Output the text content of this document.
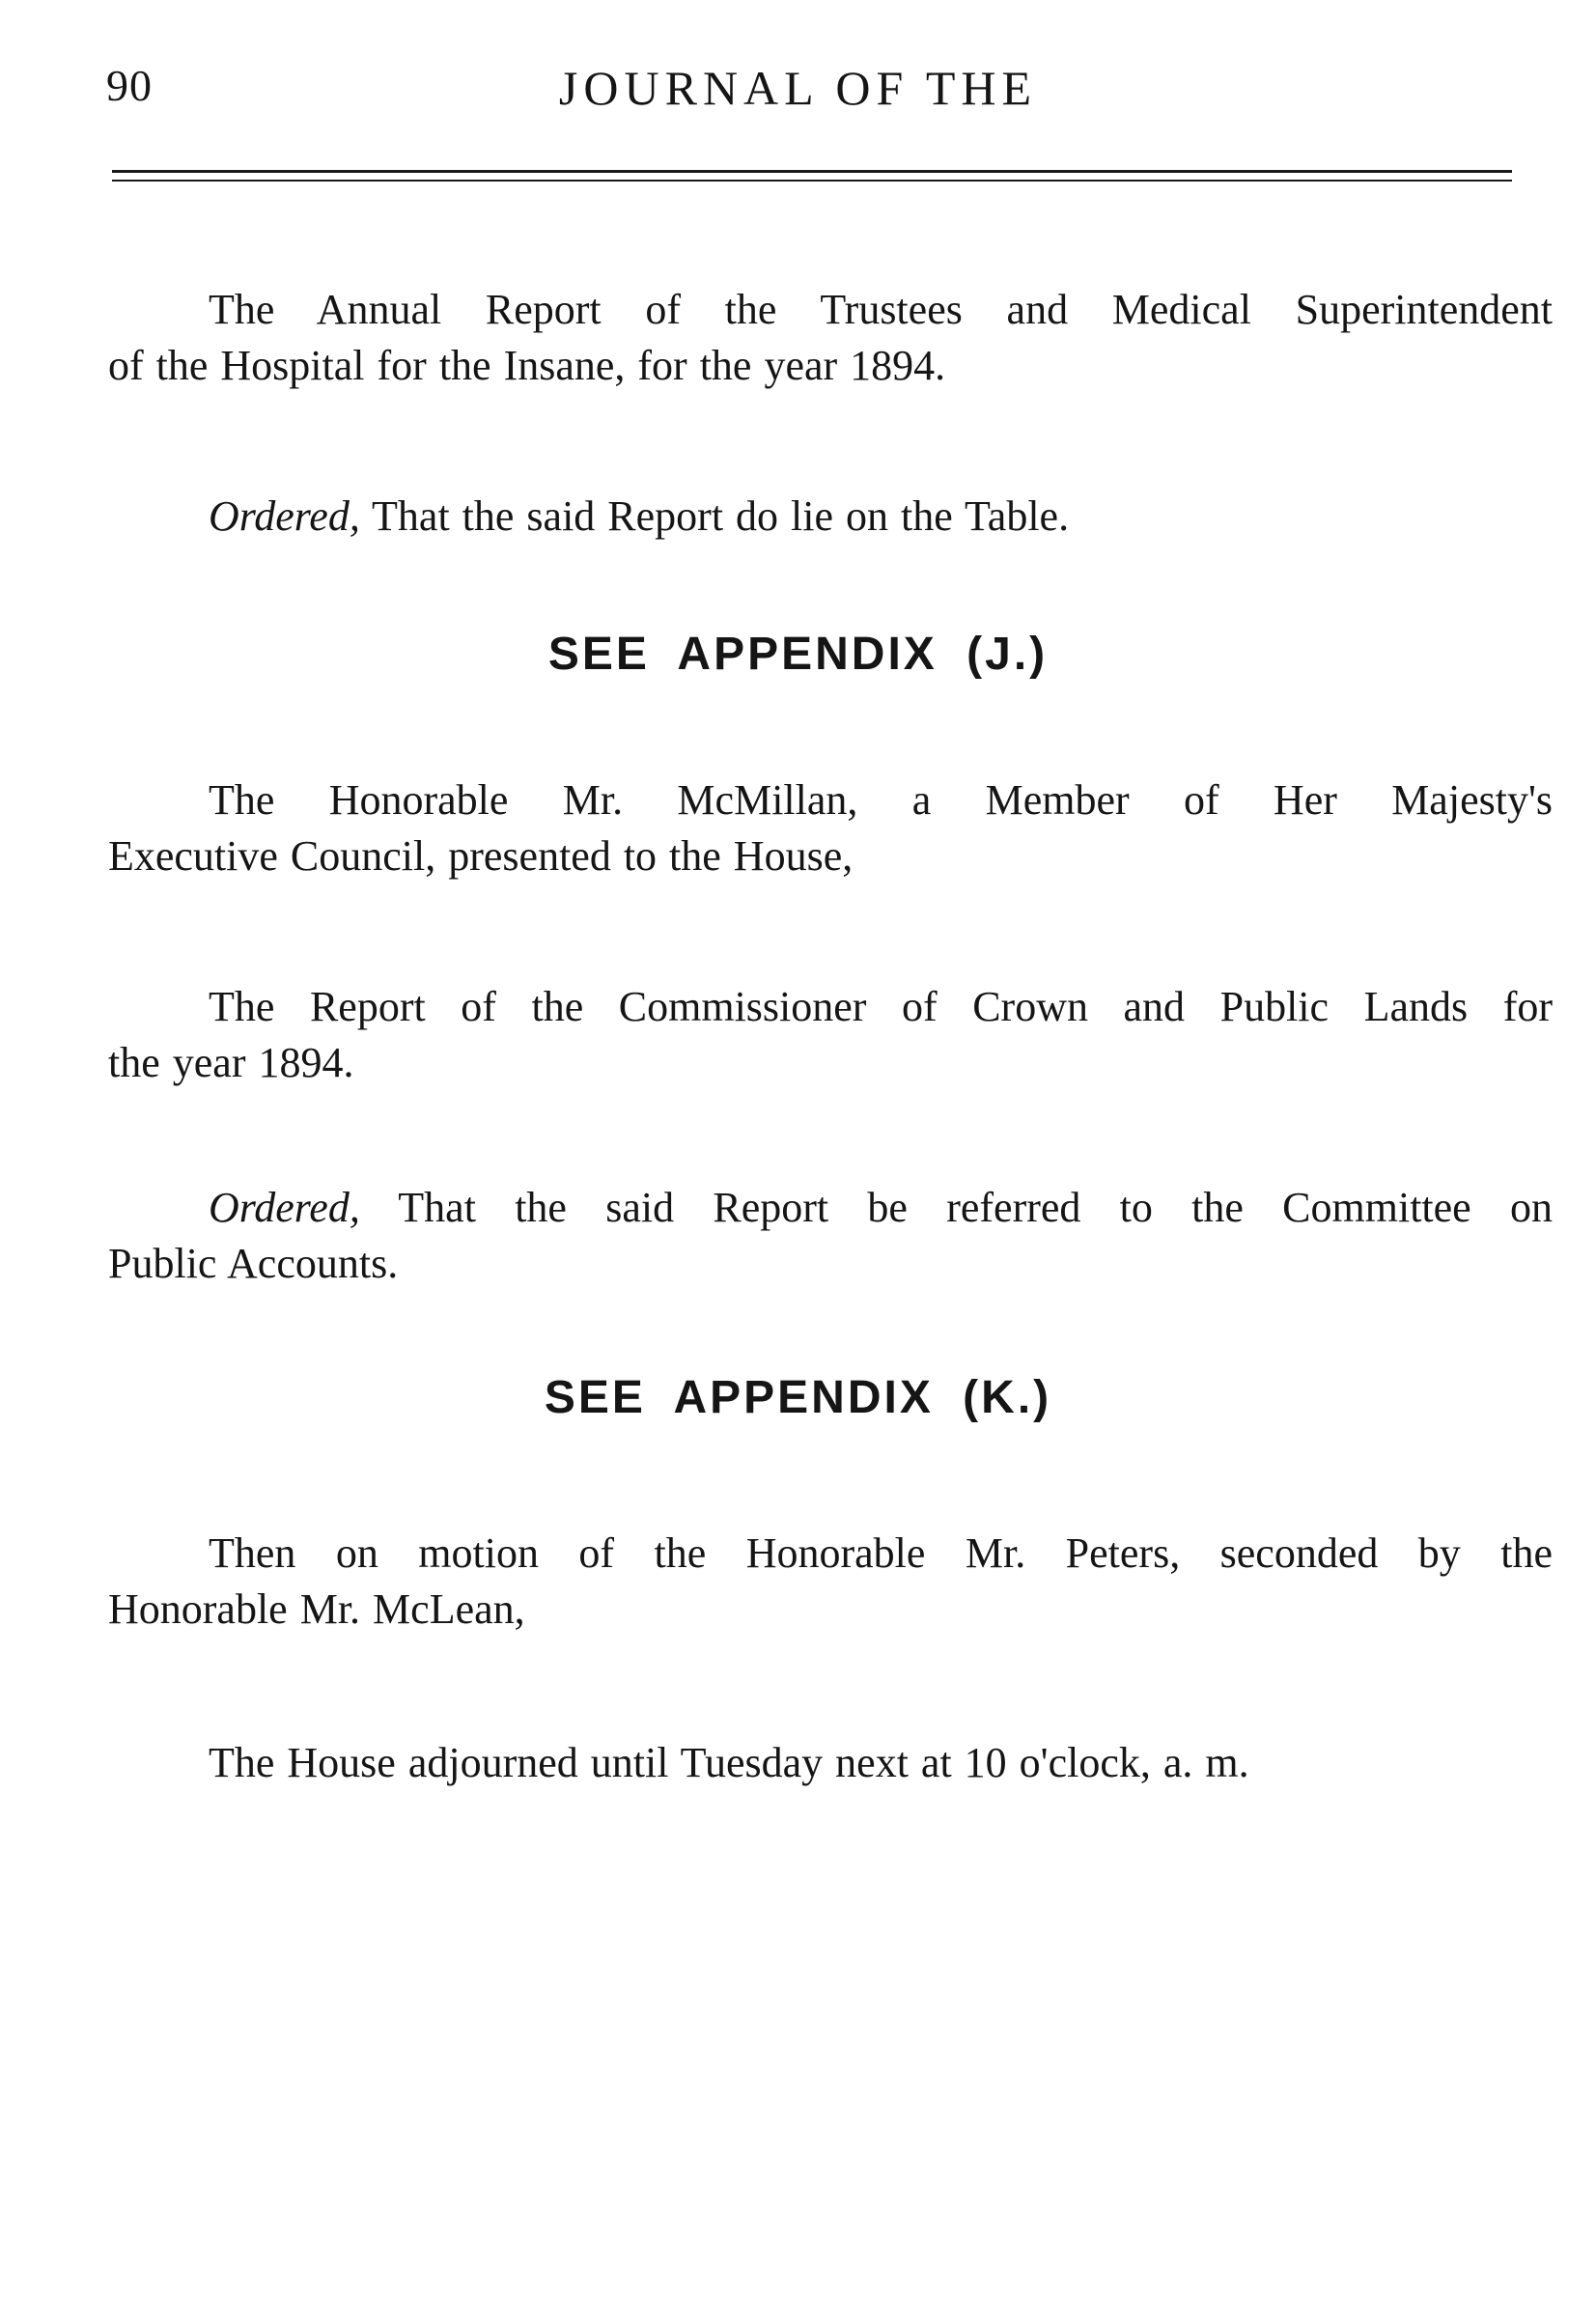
90	JOURNAL OF THE
The Annual Report of the Trustees and Medical Superintendent
of the Hospital for the Insane, for the year 1894.
Ordered, That the said Report do lie on the Table.
SEE APPENDIX (J.)
The Honorable Mr. McMillan, a Member of Her Majesty's
Executive Council, presented to the House,
The Report of the Commissioner of Crown and Public Lands for
the year 1894.
Ordered, That the said Report be referred to the Committee on
Public Accounts.
SEE APPENDIX (K.)
Then on motion of the Honorable Mr. Peters, seconded by the
Honorable Mr. McLean,
The House adjourned until Tuesday next at 10 o'clock, a. m.
